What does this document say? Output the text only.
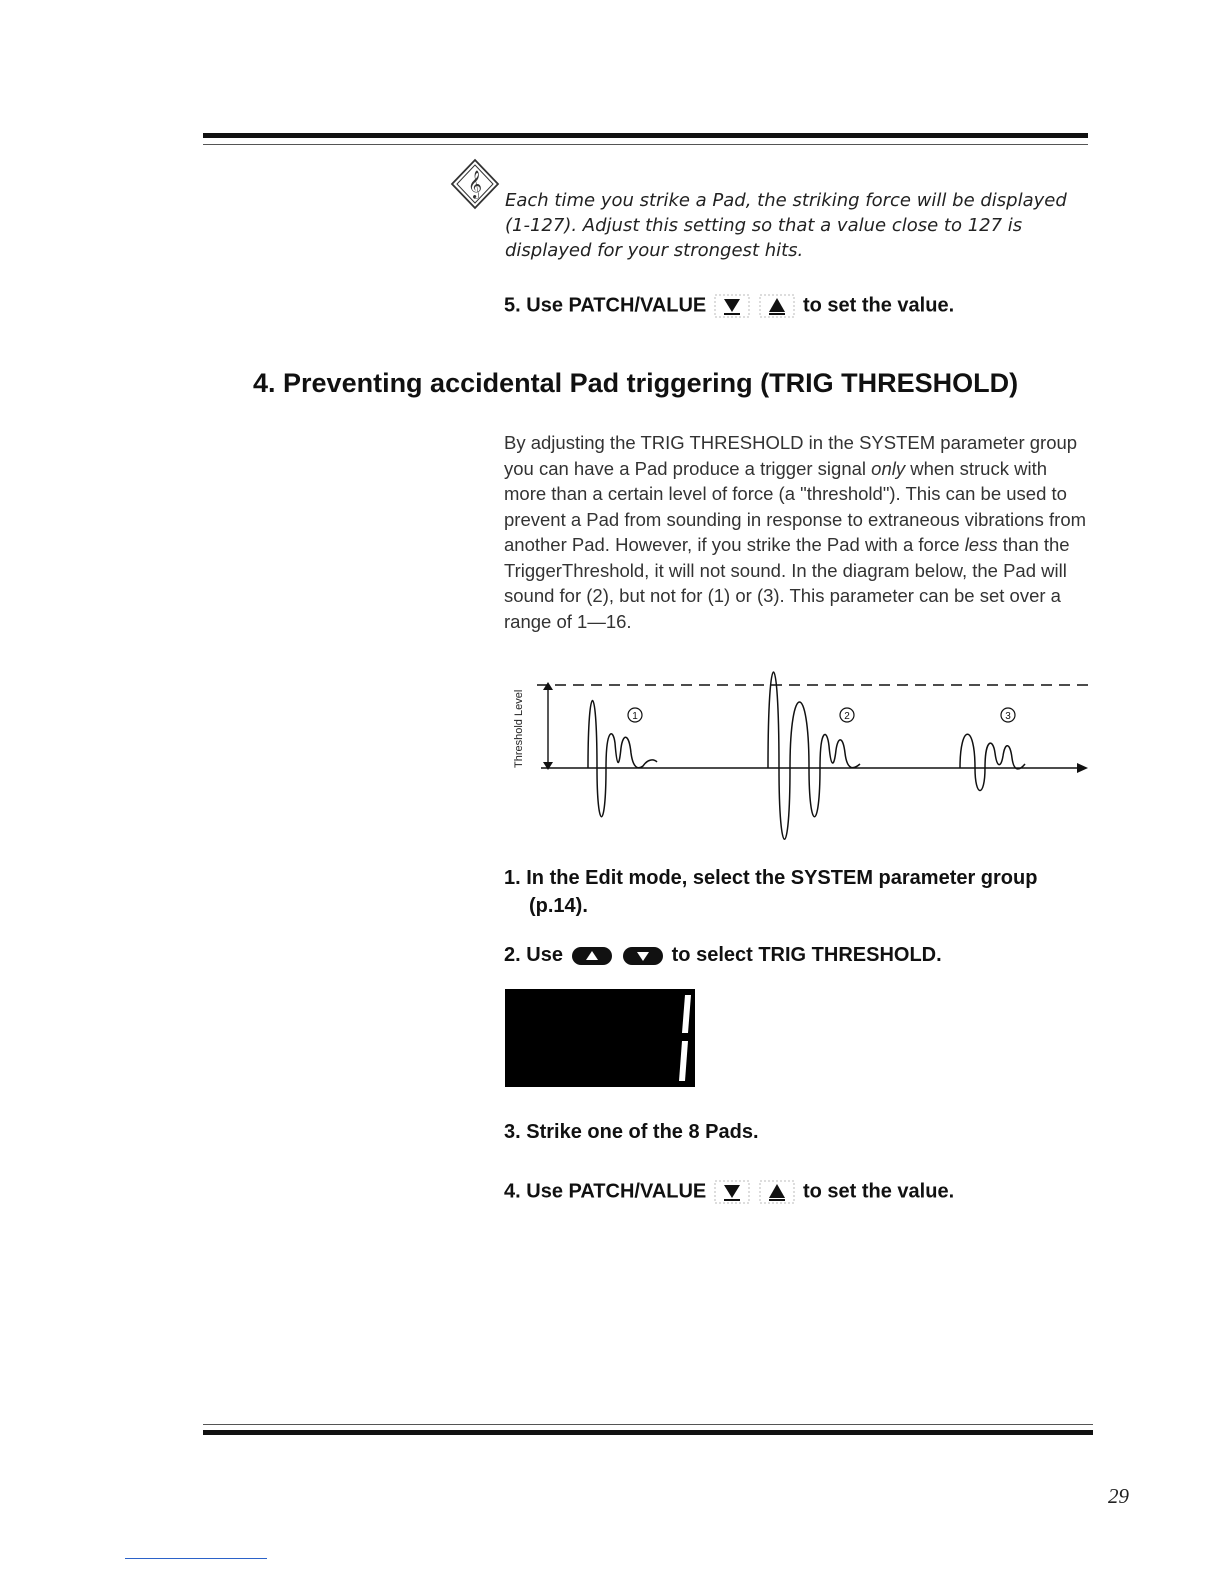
𝄞
Each time you strike a Pad, the striking force will be displayed
(1-127). Adjust this setting so that a value close to 127 is
displayed for your strongest hits.
5. Use PATCH/VALUE	to set the value.
4. Preventing accidental Pad triggering (TRIG THRESHOLD)
By adjusting the TRIG THRESHOLD in the SYSTEM parameter group you can have a Pad produce a trigger signal only when struck with more than a certain level of force (a "threshold"). This can be used to prevent a Pad from sounding in response to extraneous vibrations from another Pad. However, if you strike the Pad with a force less than the TriggerThreshold, it will not sound. In the diagram below, the Pad will sound for (2), but not for (1) or (3). This parameter can be set over a range of 1—16.
Threshold Level	1	2	3
1. In the Edit mode, select the SYSTEM parameter group
(p.14).
2. Use	to select TRIG THRESHOLD.
3. Strike one of the 8 Pads.
4. Use PATCH/VALUE	to set the value.
29
